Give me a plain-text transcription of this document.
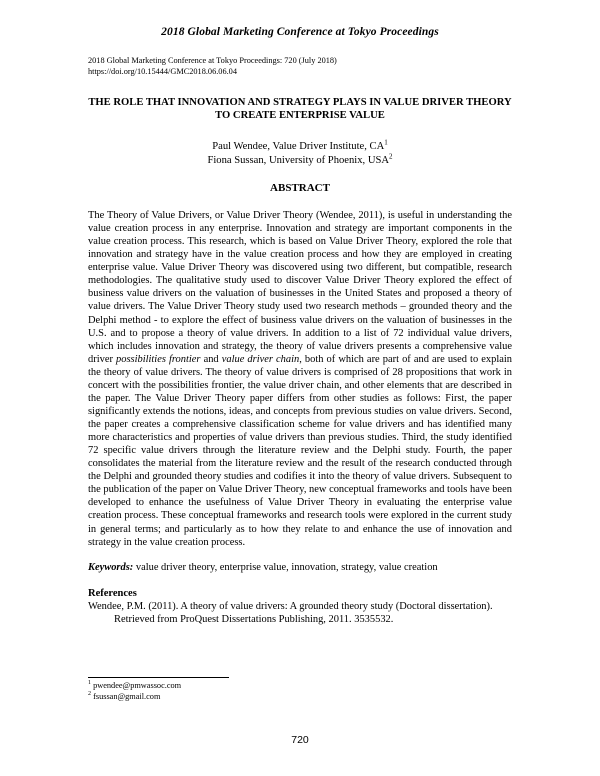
2018 Global Marketing Conference at Tokyo Proceedings

2018 Global Marketing Conference at Tokyo Proceedings: 720 (July 2018)

https://doi.org/10.15444/GMC2018.06.06.04

THE ROLE THAT INNOVATION AND STRATEGY PLAYS IN VALUE DRIVER THEORY TO CREATE ENTERPRISE VALUE

Paul Wendee, Value Driver Institute, $CA^1$

Fiona Sussan, University of Phoenix, USA$^2$

ABSTRACT

The Theory of Value Drivers, or Value Driver Theory (Wendee, 2011), is useful in understanding the value creation process in any enterprise. Innovation and strategy are important components in the value creation process. This research, which is based on Value Driver Theory, explored the role that innovation and strategy have in the value creation process and how they are employed in creating enterprise value. Value Driver Theory was discovered using two different, but compatible, research methodologies. The qualitative study used to discover Value Driver Theory explored the effect of business value drivers on the valuation of businesses in the United States and proposed a theory of value drivers. The Value Driver Theory study used two research methods – grounded theory and the Delphi method - to explore the effect of business value drivers on the valuation of businesses in the U.S. and to propose a theory of value drivers. In addition to a list of 72 individual value drivers, which includes innovation and strategy, the theory of value drivers presents a comprehensive value driver possibilities frontier and value driver chain, both of which are part of and are used to explain the theory of value drivers. The theory of value drivers is comprised of 28 propositions that work in concert with the possibilities frontier, the value driver chain, and other elements that are described in the paper. The Value Driver Theory paper differs from other studies as follows: First, the paper significantly extends the notions, ideas, and concepts from previous studies on value drivers. Second, the paper creates a comprehensive classification scheme for value drivers and has identified many more characteristics and properties of value drivers than previous studies. Third, the study identified 72 specific value drivers through the literature review and the Delphi study. Fourth, the paper consolidates the material from the literature review and the result of the research conducted through the Delphi and grounded theory studies and codifies it into the theory of value drivers. Subsequent to the publication of the paper on Value Driver Theory, new conceptual frameworks and tools have been developed to enhance the usefulness of Value Driver Theory in evaluating the enterprise value creation process. These conceptual frameworks and research tools were explored in the current study in general terms; and particularly as to how they relate to and enhance the use of innovation and strategy in the value creation process.

Keywords: value driver theory, enterprise value, innovation, strategy, value creation

References

Wendee, P.M. (2011). A theory of value drivers: A grounded theory study (Doctoral dissertation). Retrieved from ProQuest Dissertations Publishing, 2011. 3535532.

$^1$ pwendee@pmwassoc.com

$^2$ fsussan@gmail.com

720
